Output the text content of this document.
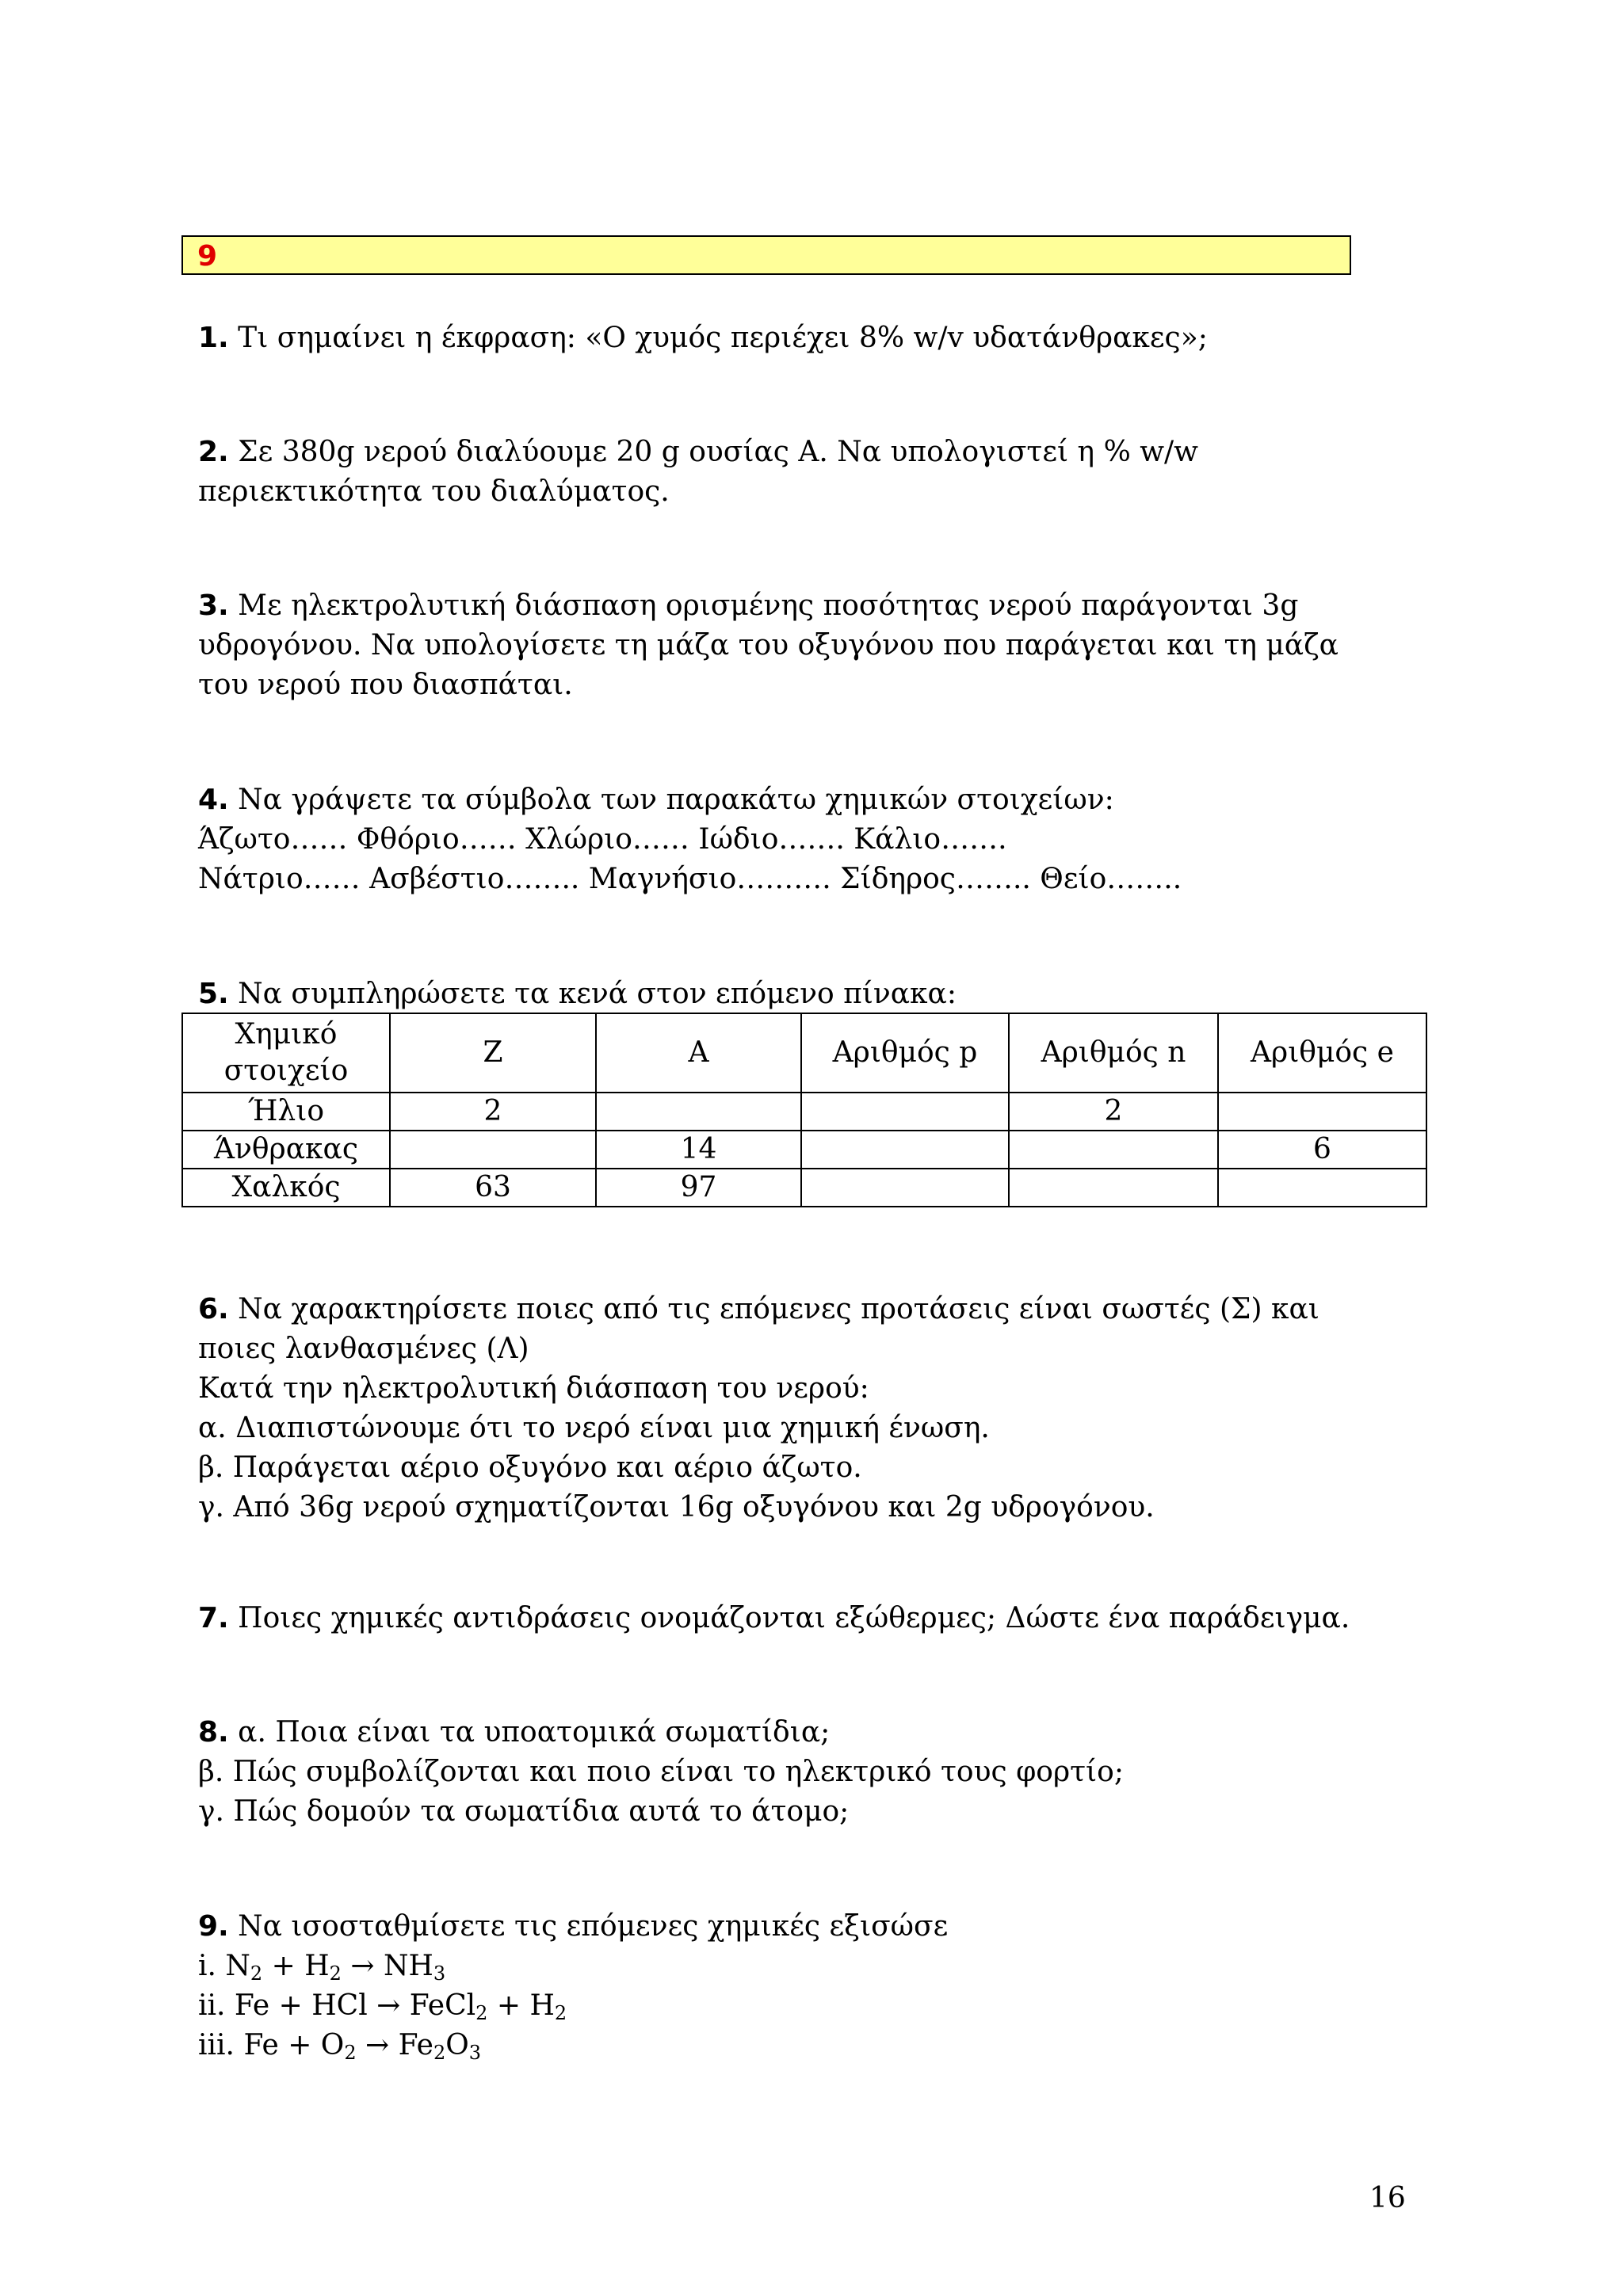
9
1. Τι σημαίνει η έκφραση: «Ο χυμός περιέχει 8% w/v υδατάνθρακες»;
2. Σε 380g νερού διαλύουμε 20 g ουσίας Α. Να υπολογιστεί η % w/w
περιεκτικότητα του διαλύματος.
3. Με ηλεκτρολυτική διάσπαση ορισμένης ποσότητας νερού παράγονται 3g
υδρογόνου. Να υπολογίσετε τη μάζα του οξυγόνου που παράγεται και τη μάζα
του νερού που διασπάται.
4. Να γράψετε τα σύμβολα των παρακάτω χημικών στοιχείων:
Άζωτο…… Φθόριο…… Χλώριο…… Ιώδιο……. Κάλιο…….
Νάτριο…… Ασβέστιο…….. Μαγνήσιο………. Σίδηρος…….. Θείο……..
5. Να συμπληρώσετε τα κενά στον επόμενο πίνακα:
Χημικό στοιχείο	Z	A	Αριθμός p	Αριθμός n	Αριθμός e
Ήλιο	2			2	
Άνθρακας		14			6
Χαλκός	63	97			
6. Να χαρακτηρίσετε ποιες από τις επόμενες προτάσεις είναι σωστές (Σ) και
ποιες λανθασμένες (Λ)
Κατά την ηλεκτρολυτική διάσπαση του νερού:
α. Διαπιστώνουμε ότι το νερό είναι μια χημική ένωση.
β. Παράγεται αέριο οξυγόνο και αέριο άζωτο.
γ. Από 36g νερού σχηματίζονται 16g οξυγόνου και 2g υδρογόνου.
7. Ποιες χημικές αντιδράσεις ονομάζονται εξώθερμες; Δώστε ένα παράδειγμα.
8. α. Ποια είναι τα υποατομικά σωματίδια;
β. Πώς συμβολίζονται και ποιο είναι το ηλεκτρικό τους φορτίο;
γ. Πώς δομούν τα σωματίδια αυτά το άτομο;
9. Να ισοσταθμίσετε τις επόμενες χημικές εξισώσε
i. $N_2 + H_2 \to NH_3$
ii. Fe + HCl → FeCl$_2$ + $H_2$
iii. $Fe + O_2 \to Fe_2O_3$
16
